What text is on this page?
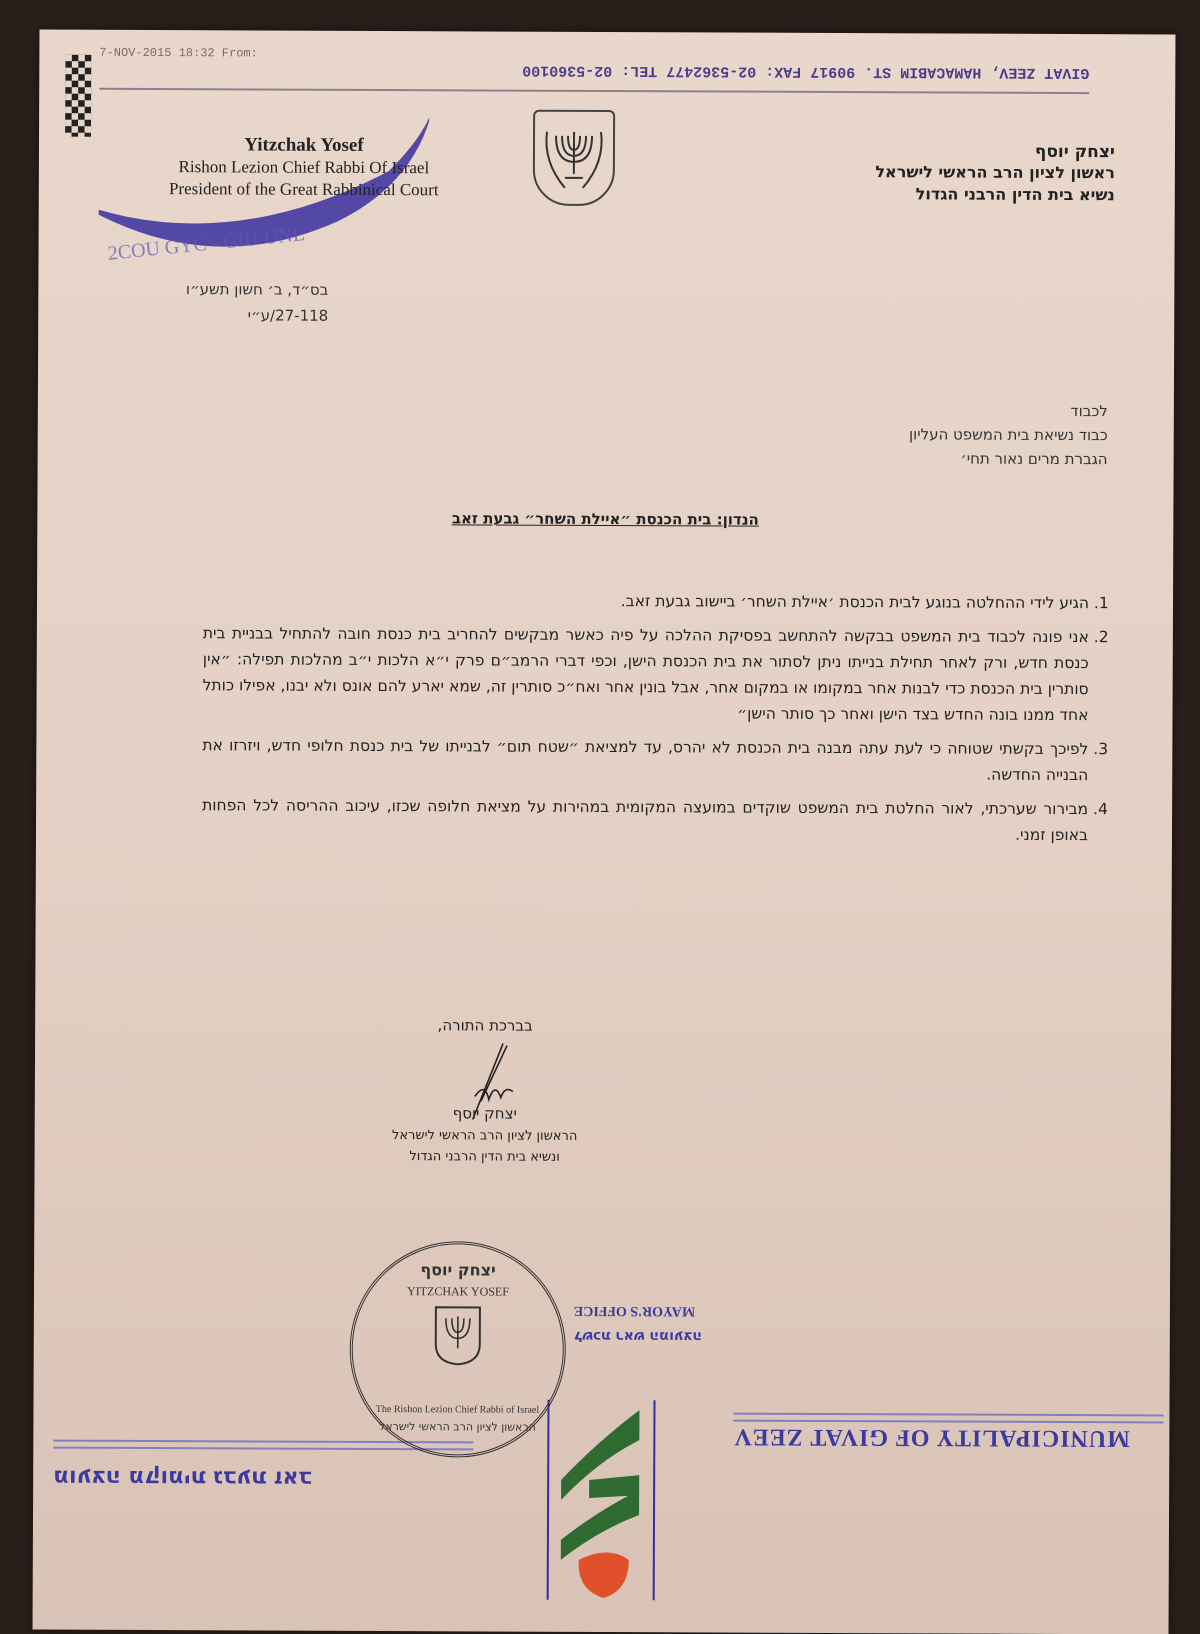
7-NOV-2015 18:32 From:
GIVAT ZEEV, HAMACABIM ST. 90917 FAX: 02-5362477 TEL: 02-5360100
2COU GYC - GIU UNL
Yitzchak Yosef
Rishon Lezion Chief Rabbi Of Israel
President of the Great Rabbinical Court
יצחק יוסף
ראשון לציון הרב הראשי לישראל
נשיא בית הדין הרבני הגדול
בס״ד, ב׳ חשון תשע״ו
27-118/ע״י
לכבוד
כבוד נשיאת בית המשפט העליון
הגברת מרים נאור תחי׳
הנדון: בית הכנסת ״איילת השחר״ גבעת זאב
1. הגיע לידי ההחלטה בנוגע לבית הכנסת ׳איילת השחר׳ ביישוב גבעת זאב.
2. אני פונה לכבוד בית המשפט בבקשה להתחשב בפסיקת ההלכה על פיה כאשר מבקשים להחריב בית כנסת חובה להתחיל בבניית בית כנסת חדש, ורק לאחר תחילת בנייתו ניתן לסתור את בית הכנסת הישן, וכפי דברי הרמב״ם פרק י״א הלכות י״ב מהלכות תפילה: ״אין סותרין בית הכנסת כדי לבנות אחר במקומו או במקום אחר, אבל בונין אחר ואח״כ סותרין זה, שמא יארע להם אונס ולא יבנו, אפילו כותל אחד ממנו בונה החדש בצד הישן ואחר כך סותר הישן״
3. לפיכך בקשתי שטוחה כי לעת עתה מבנה בית הכנסת לא יהרס, עד למציאת ״שטח תום״ לבנייתו של בית כנסת חלופי חדש, ויזרזו את הבנייה החדשה.
4. מבירור שערכתי, לאור החלטת בית המשפט שוקדים במועצה המקומית במהירות על מציאת חלופה שכזו, עיכוב ההריסה לכל הפחות באופן זמני.
בברכת התורה,
יצחק יוסף
הראשון לציון הרב הראשי לישראל
ונשיא בית הדין הרבני הגדול
MUNICIPALITY OF GIVAT ZEEV
MAYOR'S OFFICE
לשכת ראש המועצה
מועצה מקומית גבעת זאב
יצחק יוסף
YITZCHAK YOSEF
The Rishon Lezion Chief Rabbi of Israel
הראשון לציון הרב הראשי לישראל
